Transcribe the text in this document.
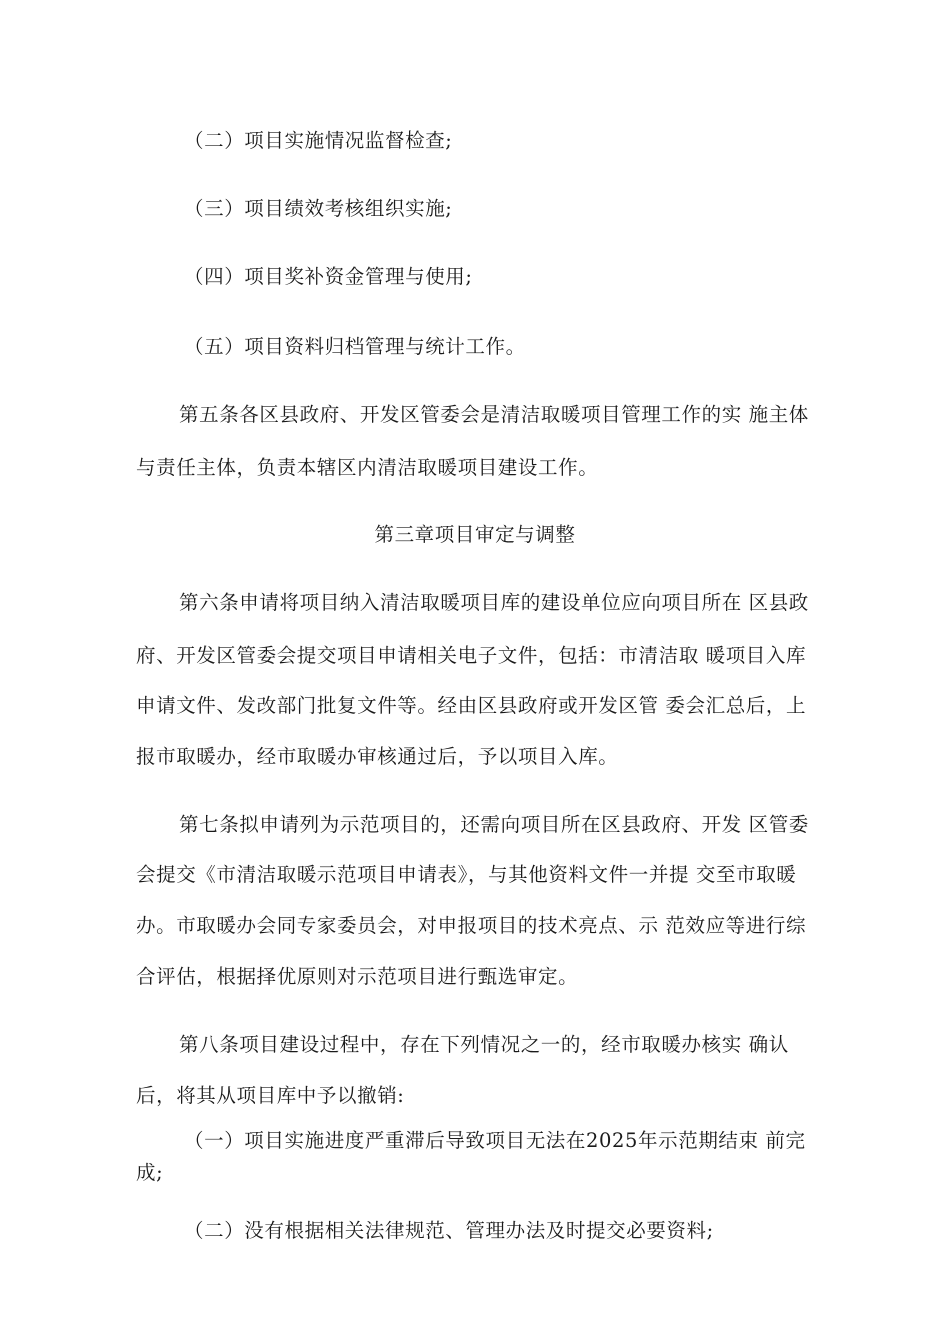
（二）项目实施情况监督检查;
（三）项目绩效考核组织实施;
（四）项目奖补资金管理与使用;
（五）项目资料归档管理与统计工作。
第五条各区县政府、开发区管委会是清洁取暖项目管理工作的实 施主体
与责任主体，负责本辖区内清洁取暖项目建设工作。
第三章项目审定与调整
第六条申请将项目纳入清洁取暖项目库的建设单位应向项目所在 区县政
府、开发区管委会提交项目申请相关电子文件，包括：市清洁取 暖项目入库
申请文件、发改部门批复文件等。经由区县政府或开发区管 委会汇总后，上
报市取暖办，经市取暖办审核通过后，予以项目入库。
第七条拟申请列为示范项目的，还需向项目所在区县政府、开发 区管委
会提交《市清洁取暖示范项目申请表》，与其他资料文件一并提 交至市取暖
办。市取暖办会同专家委员会，对申报项目的技术亮点、示 范效应等进行综
合评估，根据择优原则对示范项目进行甄选审定。
第八条项目建设过程中，存在下列情况之一的，经市取暖办核实 确认
后，将其从项目库中予以撤销:
（一）项目实施进度严重滞后导致项目无法在2025年示范期结束 前完
成;
（二）没有根据相关法律规范、管理办法及时提交必要资料;
